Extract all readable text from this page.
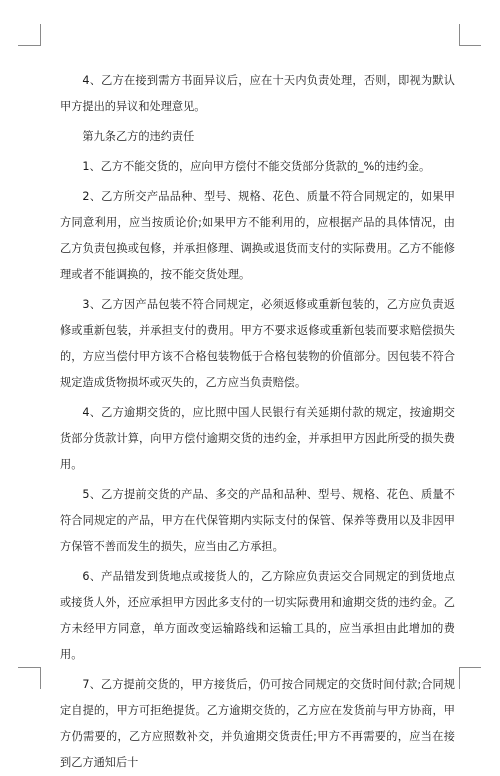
4、乙方在接到需方书面异议后，应在十天内负责处理，否则，即视为默认甲方提出的异议和处理意见。

第九条乙方的违约责任

1、乙方不能交货的，应向甲方偿付不能交货部分货款的_%的违约金。

2、乙方所交产品品种、型号、规格、花色、质量不符合同规定的，如果甲方同意利用，应当按质论价;如果甲方不能利用的，应根据产品的具体情况，由乙方负责包换或包修，并承担修理、调换或退货而支付的实际费用。乙方不能修理或者不能调换的，按不能交货处理。

3、乙方因产品包装不符合同规定，必须返修或重新包装的，乙方应负责返修或重新包装，并承担支付的费用。甲方不要求返修或重新包装而要求赔偿损失的，方应当偿付甲方该不合格包装物低于合格包装物的价值部分。因包装不符合规定造成货物损坏或灭失的，乙方应当负责赔偿。

4、乙方逾期交货的，应比照中国人民银行有关延期付款的规定，按逾期交货部分货款计算，向甲方偿付逾期交货的违约金，并承担甲方因此所受的损失费用。

5、乙方提前交货的产品、多交的产品和品种、型号、规格、花色、质量不符合同规定的产品，甲方在代保管期内实际支付的保管、保养等费用以及非因甲方保管不善而发生的损失，应当由乙方承担。

6、产品错发到货地点或接货人的，乙方除应负责运交合同规定的到货地点或接货人外，还应承担甲方因此多支付的一切实际费用和逾期交货的违约金。乙方未经甲方同意，单方面改变运输路线和运输工具的，应当承担由此增加的费用。

7、乙方提前交货的，甲方接货后，仍可按合同规定的交货时间付款;合同规定自提的，甲方可拒绝提货。乙方逾期交货的，乙方应在发货前与甲方协商，甲方仍需要的，乙方应照数补交，并负逾期交货责任;甲方不再需要的，应当在接到乙方通知后十
